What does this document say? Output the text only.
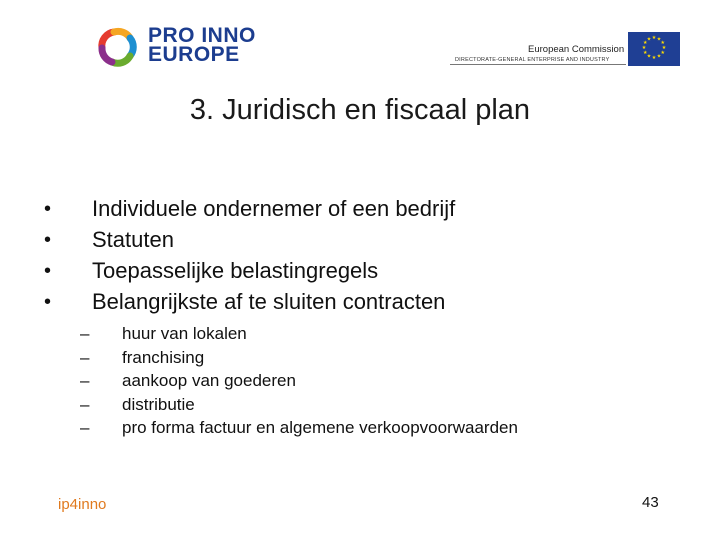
PRO INNO
EUROPE	European Commission
DIRECTORATE-GENERAL ENTERPRISE AND INDUSTRY
★ ★
★
★
★
★
★
★
★
★
★
★
3. Juridisch en fiscaal plan
• Individuele ondernemer of een bedrijf
• Statuten
• Toepasselijke belastingregels
• Belangrijkste af te sluiten contracten
– huur van lokalen
– franchising
– aankoop van goederen
– distributie
– pro forma factuur en algemene verkoopvoorwaarden
ip4inno	43
